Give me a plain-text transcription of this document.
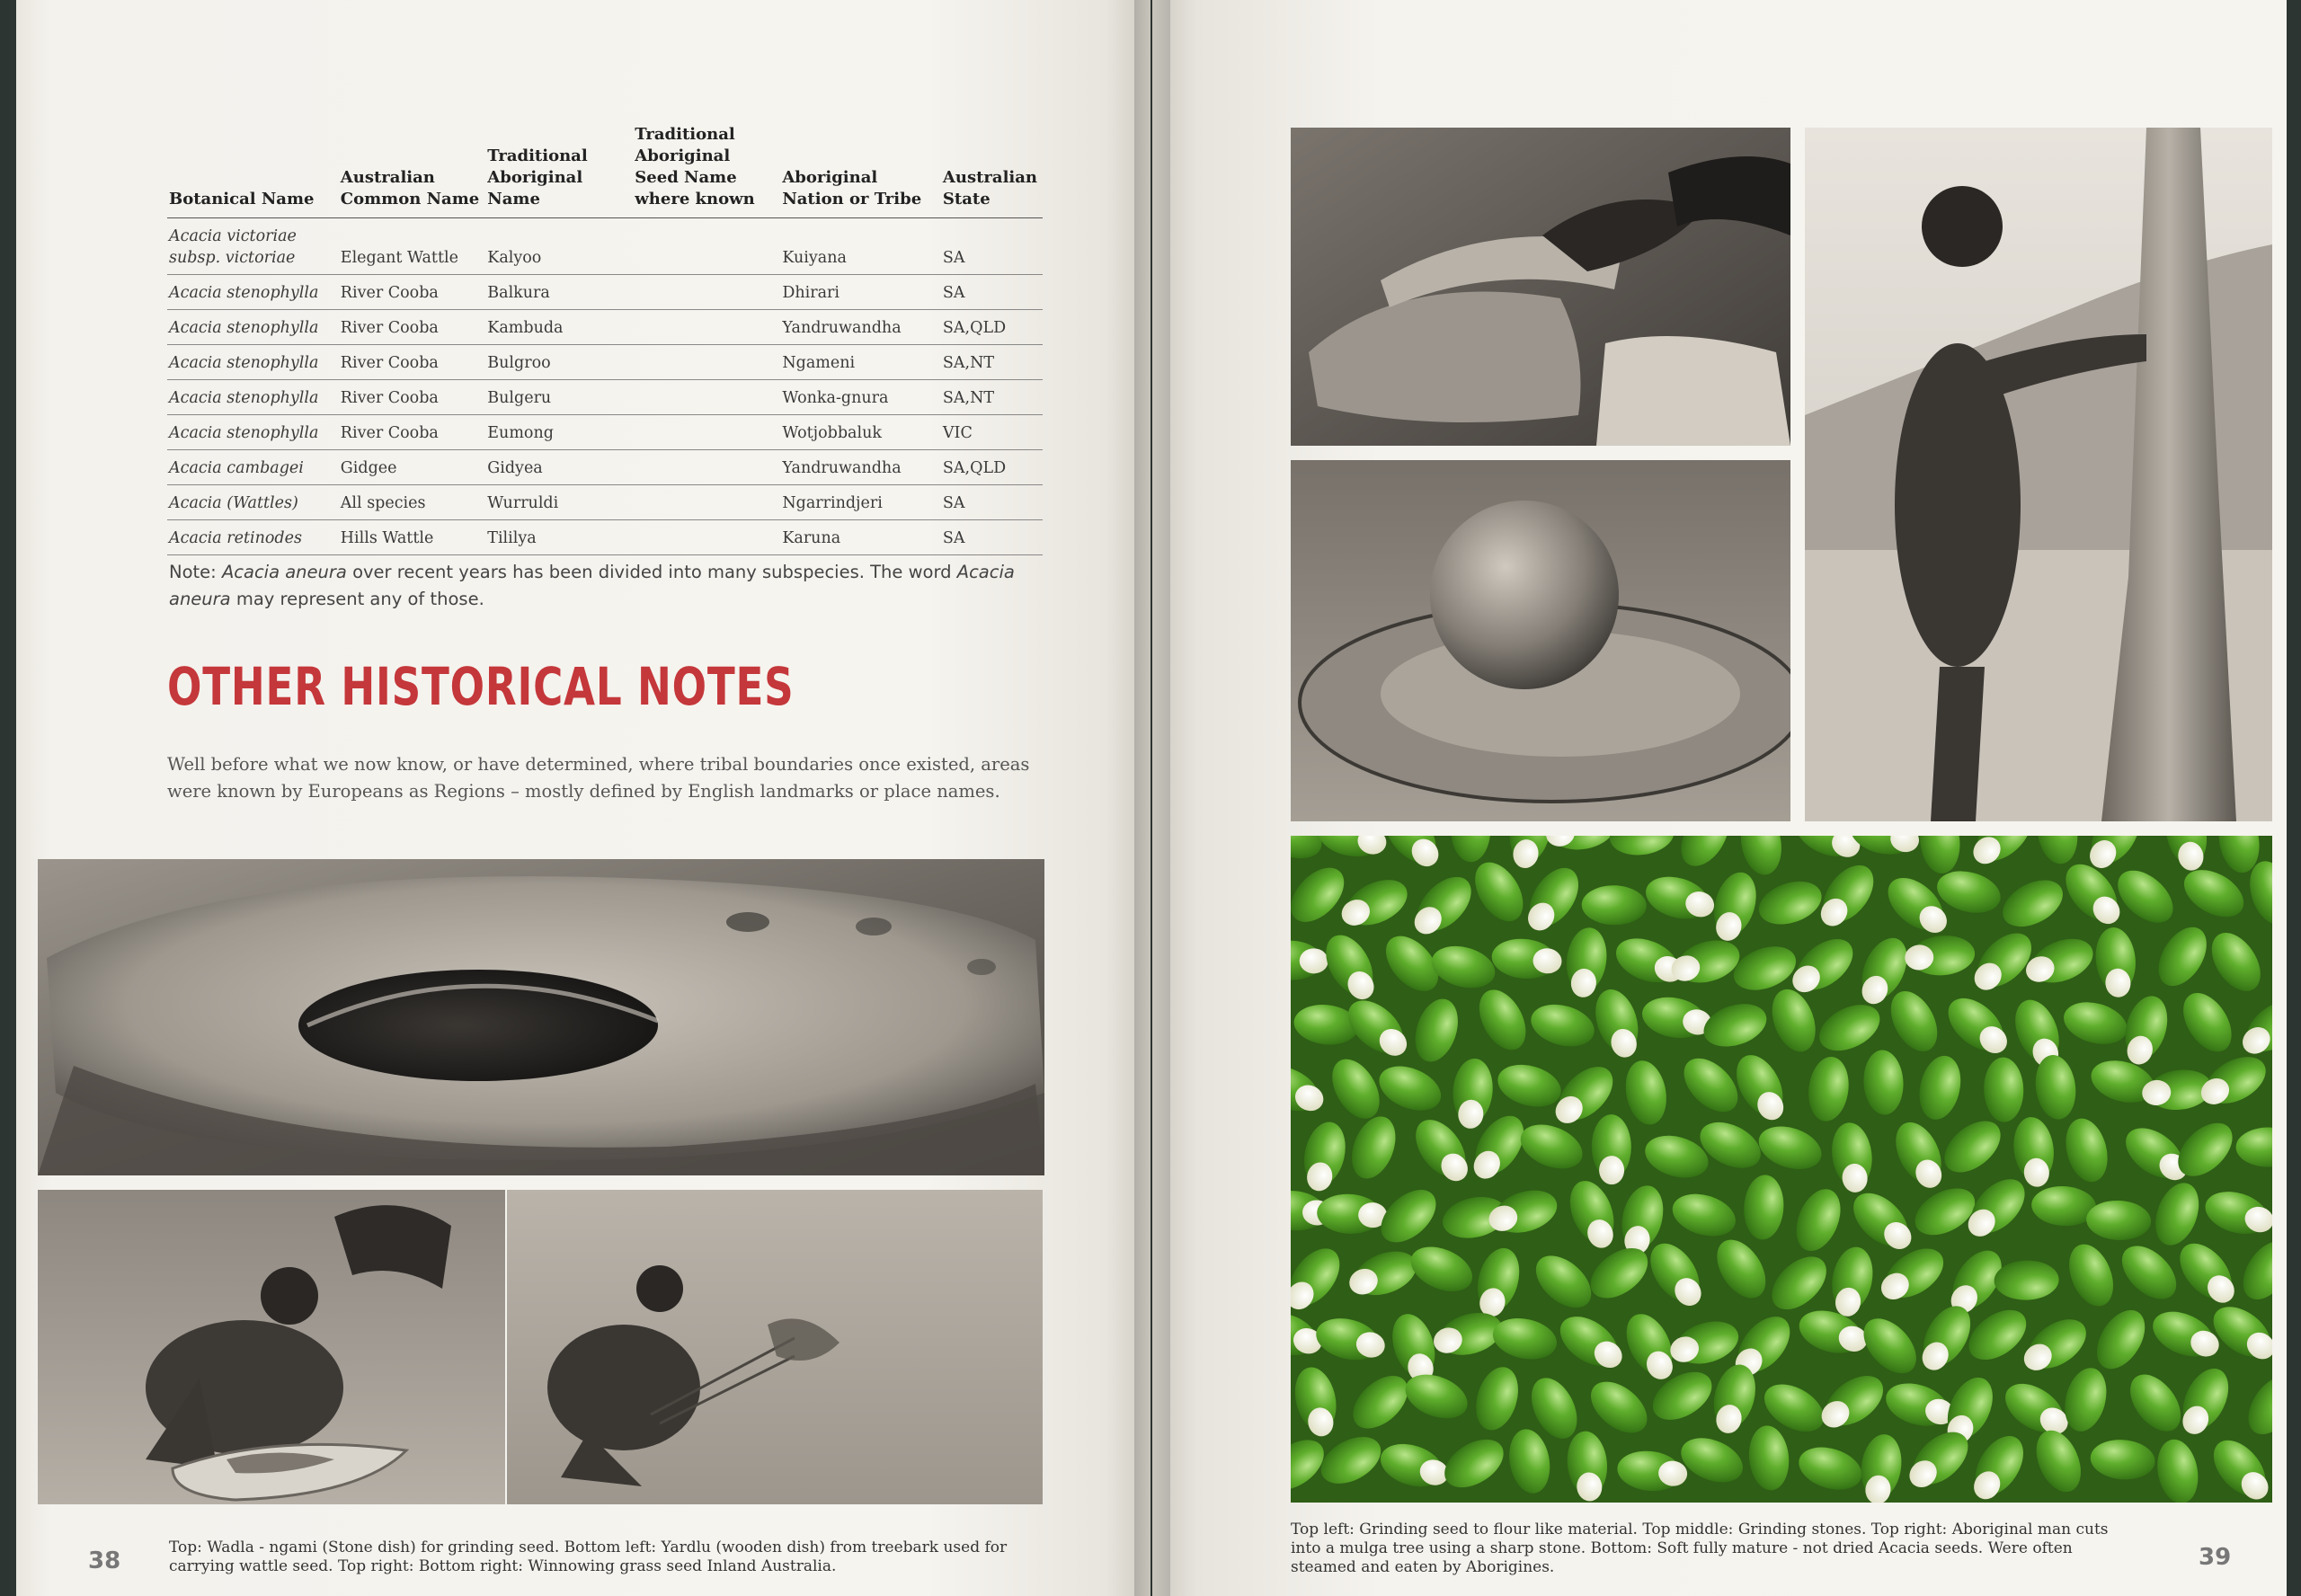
Botanical Name	Australian Common Name	Traditional Aboriginal Name	Traditional Aboriginal Seed Name where known	Aboriginal Nation or Tribe	Australian State
Acacia victoriae subsp. victoriae	Elegant Wattle	Kalyoo		Kuiyana	SA
Acacia stenophylla	River Cooba	Balkura		Dhirari	SA
Acacia stenophylla	River Cooba	Kambuda		Yandruwandha	SA,QLD
Acacia stenophylla	River Cooba	Bulgroo		Ngameni	SA,NT
Acacia stenophylla	River Cooba	Bulgeru		Wonka-gnura	SA,NT
Acacia stenophylla	River Cooba	Eumong		Wotjobbaluk	VIC
Acacia cambagei	Gidgee	Gidyea		Yandruwandha	SA,QLD
Acacia (Wattles)	All species	Wurruldi		Ngarrindjeri	SA
Acacia retinodes	Hills Wattle	Tililya		Karuna	SA
Note: Acacia aneura over recent years has been divided into many subspecies. The word Acacia aneura may represent any of those.
OTHER HISTORICAL NOTES
Well before what we now know, or have determined, where tribal boundaries once existed, areas were known by Europeans as Regions – mostly defined by English landmarks or place names.
38	Top: Wadla - ngami (Stone dish) for grinding seed. Bottom left: Yardlu (wooden dish) from treebark used for carrying wattle seed. Top right: Bottom right: Winnowing grass seed Inland Australia.
Top left: Grinding seed to flour like material. Top middle: Grinding stones. Top right: Aboriginal man cuts into a mulga tree using a sharp stone. Bottom: Soft fully mature - not dried Acacia seeds. Were often steamed and eaten by Aborigines.	39
